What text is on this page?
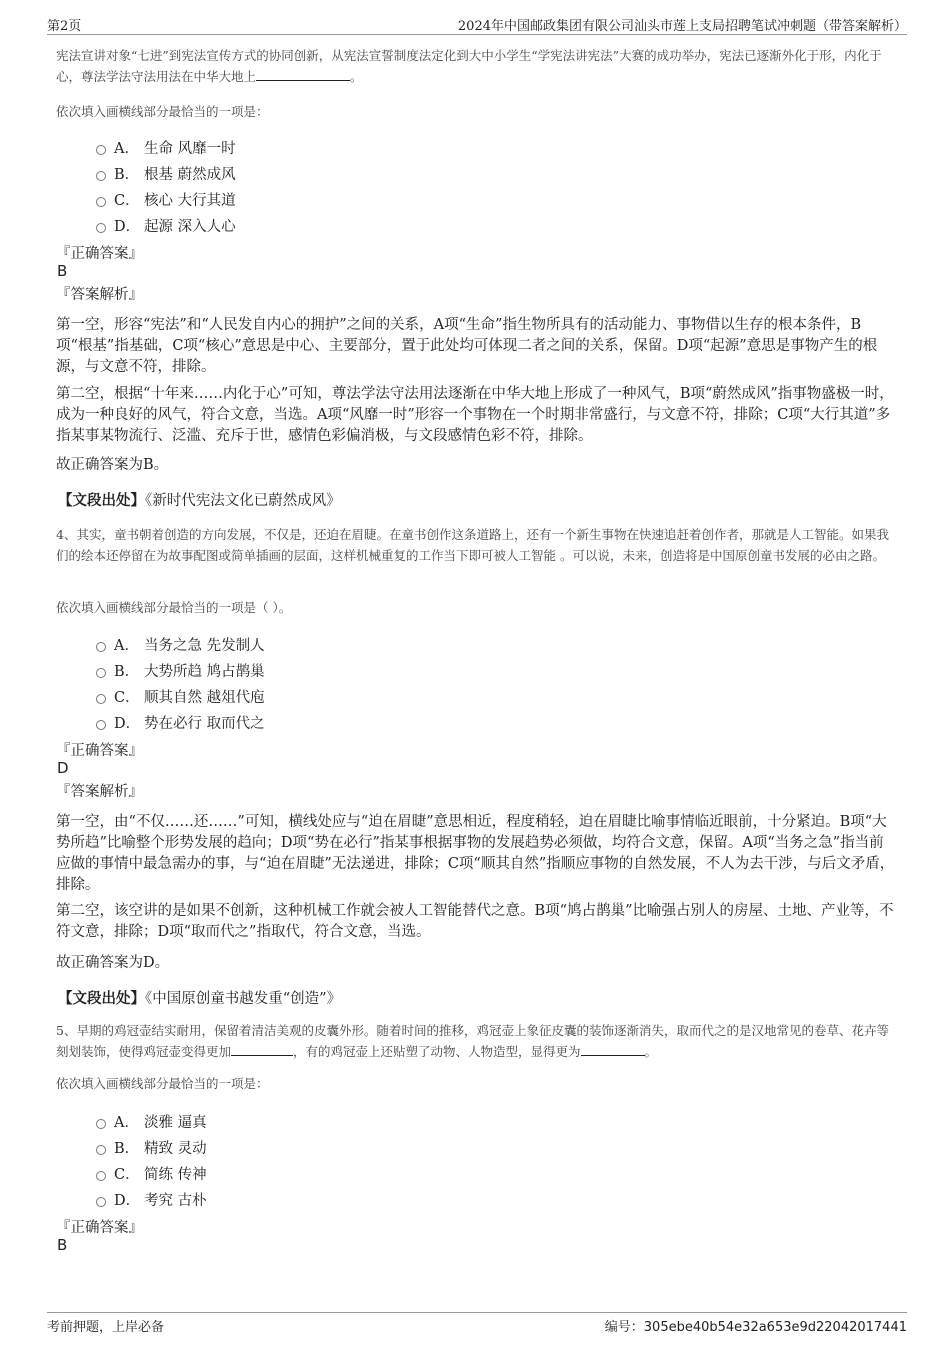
第2页	2024年中国邮政集团有限公司汕头市莲上支局招聘笔试冲刺题（带答案解析）

宪法宣讲对象“七进”到宪法宣传方式的协同创新，从宪法宣誓制度法定化到大中小学生“学宪法讲宪法”大赛的成功举办，宪法已逐渐外化于形，内化于心，尊法学法守法用法在中华大地上	。

依次填入画横线部分最恰当的一项是：

A． 生命 风靡一时
B． 根基 蔚然成风
C． 核心 大行其道
D． 起源 深入人心

『正确答案』

B

『答案解析』

第一空，形容“宪法”和“人民发自内心的拥护”之间的关系，A项“生命”指生物所具有的活动能力、事物借以生存的根本条件，B项“根基”指基础，C项“核心”意思是中心、主要部分，置于此处均可体现二者之间的关系，保留。D项“起源”意思是事物产生的根源，与文意不符，排除。

第二空，根据“十年来……内化于心”可知，尊法学法守法用法逐渐在中华大地上形成了一种风气，B项“蔚然成风”指事物盛极一时，成为一种良好的风气，符合文意，当选。A项“风靡一时”形容一个事物在一个时期非常盛行，与文意不符，排除；C项“大行其道”多指某事某物流行、泛滥、充斥于世，感情色彩偏消极，与文段感情色彩不符，排除。

故正确答案为B。

【文段出处】《新时代宪法文化已蔚然成风》

4、其实，童书朝着创造的方向发展，不仅是，还迫在眉睫。在童书创作这条道路上，还有一个新生事物在快速追赶着创作者，那就是人工智能。如果我们的绘本还停留在为故事配图或简单插画的层面，这样机械重复的工作当下即可被人工智能 。可以说，未来，创造将是中国原创童书发展的必由之路。

依次填入画横线部分最恰当的一项是（ ）。

A． 当务之急 先发制人
B． 大势所趋 鸠占鹊巢
C． 顺其自然 越俎代庖
D． 势在必行 取而代之

『正确答案』

D

『答案解析』

第一空，由“不仅……还……”可知，横线处应与“迫在眉睫”意思相近，程度稍轻，迫在眉睫比喻事情临近眼前，十分紧迫。B项“大势所趋”比喻整个形势发展的趋向；D项“势在必行”指某事根据事物的发展趋势必须做，均符合文意，保留。A项“当务之急”指当前应做的事情中最急需办的事，与“迫在眉睫”无法递进，排除；C项“顺其自然”指顺应事物的自然发展，不人为去干涉，与后文矛盾，排除。

第二空，该空讲的是如果不创新，这种机械工作就会被人工智能替代之意。B项“鸠占鹊巢”比喻强占别人的房屋、土地、产业等，不符文意，排除；D项“取而代之”指取代，符合文意，当选。

故正确答案为D。

【文段出处】《中国原创童书越发重“创造”》

5、早期的鸡冠壶结实耐用，保留着清洁美观的皮囊外形。随着时间的推移，鸡冠壶上象征皮囊的装饰逐渐消失，取而代之的是汉地常见的卷草、花卉等刻划装饰，使得鸡冠壶变得更加	，有的鸡冠壶上还贴塑了动物、人物造型，显得更为	。

依次填入画横线部分最恰当的一项是：

A． 淡雅 逼真
B． 精致 灵动
C． 简练 传神
D． 考究 古朴

『正确答案』

B

考前押题，上岸必备	编号：305ebe40b54e32a653e9d22042017441
